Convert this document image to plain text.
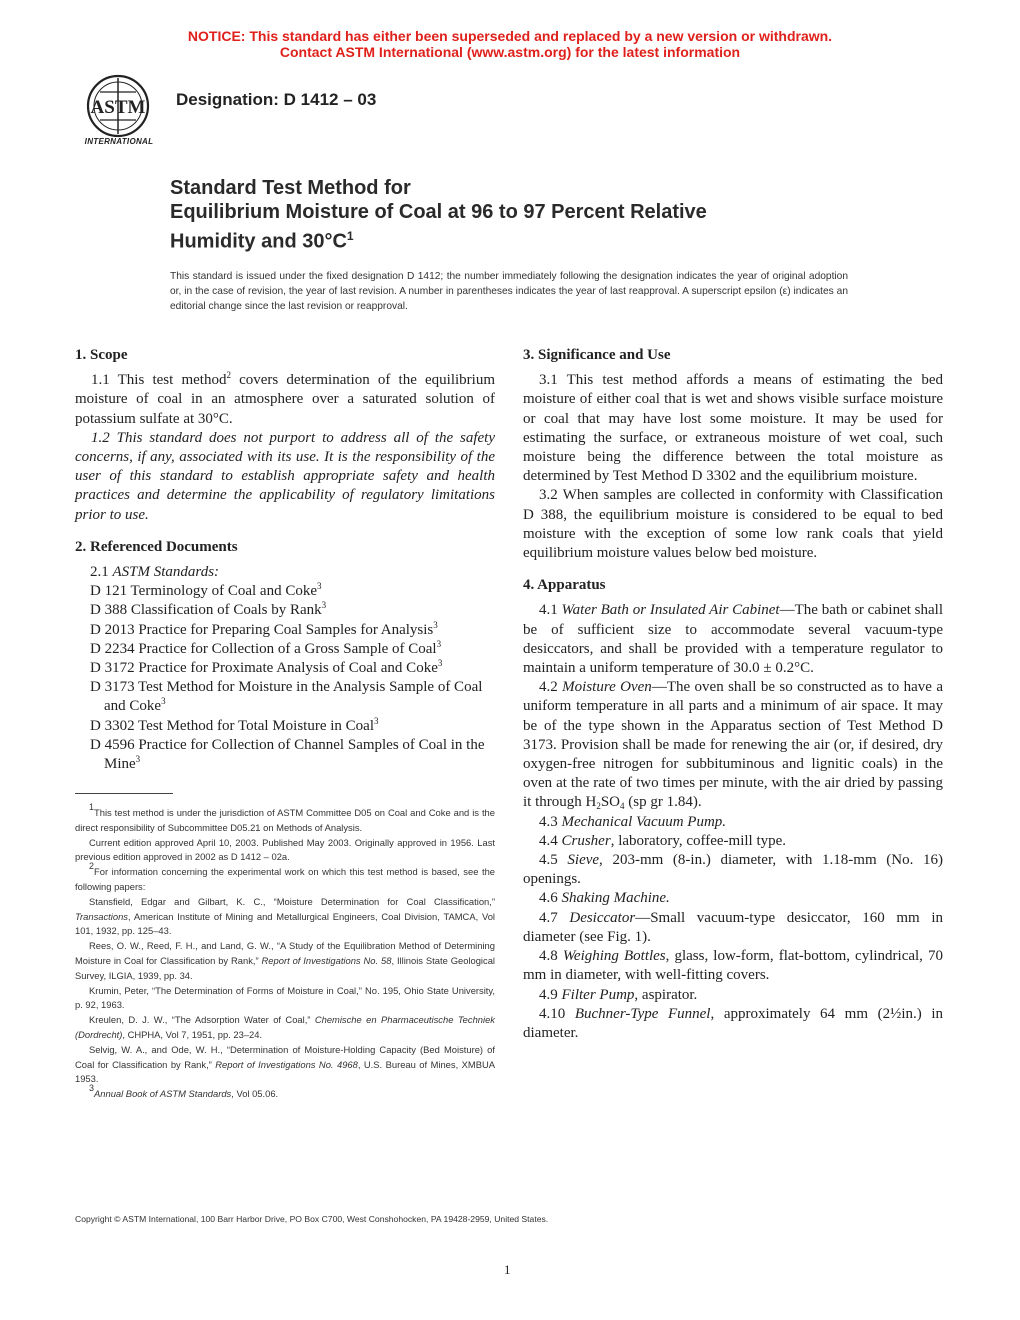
NOTICE: This standard has either been superseded and replaced by a new version or withdrawn.
Contact ASTM International (www.astm.org) for the latest information
ASTM
INTERNATIONAL
Designation: D 1412 – 03
Standard Test Method for
Equilibrium Moisture of Coal at 96 to 97 Percent Relative
Humidity and $30^\circ C^1$
This standard is issued under the fixed designation D 1412; the number immediately following the designation indicates the year of original adoption or, in the case of revision, the year of last revision. A number in parentheses indicates the year of last reapproval. A superscript epsilon (ε) indicates an editorial change since the last revision or reapproval.
1. Scope
1.1 This test method$^2$ covers determination of the equilibrium moisture of coal in an atmosphere over a saturated solution of potassium sulfate at 30°C.
1.2 This standard does not purport to address all of the safety concerns, if any, associated with its use. It is the responsibility of the user of this standard to establish appropriate safety and health practices and determine the applicability of regulatory limitations prior to use.
2. Referenced Documents
2.1 ASTM Standards:
D 121 Terminology of Coal and Coke$^3$
D 388 Classification of Coals by Rank$^3$
D 2013 Practice for Preparing Coal Samples for Analysis$^3$
D 2234 Practice for Collection of a Gross Sample of Coal$^3$
D 3172 Practice for Proximate Analysis of Coal and Coke$^3$
D 3173 Test Method for Moisture in the Analysis Sample of Coal and Coke$^3$
D 3302 Test Method for Total Moisture in Coal$^3$
D 4596 Practice for Collection of Channel Samples of Coal in the Mine$^3$
$^1$This test method is under the jurisdiction of ASTM Committee D05 on Coal and Coke and is the direct responsibility of Subcommittee D05.21 on Methods of Analysis.
Current edition approved April 10, 2003. Published May 2003. Originally approved in 1956. Last previous edition approved in 2002 as D 1412 – 02a.
$^2$For information concerning the experimental work on which this test method is based, see the following papers:
Stansfield, Edgar and Gilbart, K. C., “Moisture Determination for Coal Classification,” Transactions, American Institute of Mining and Metallurgical Engineers, Coal Division, TAMCA, Vol 101, 1932, pp. 125–43.
Rees, O. W., Reed, F. H., and Land, G. W., “A Study of the Equilibration Method of Determining Moisture in Coal for Classification by Rank,” Report of Investigations No. 58, Illinois State Geological Survey, ILGIA, 1939, pp. 34.
Krumin, Peter, “The Determination of Forms of Moisture in Coal,” No. 195, Ohio State University, p. 92, 1963.
Kreulen, D. J. W., “The Adsorption Water of Coal,” Chemische en Pharmaceutische Techniek (Dordrecht), CHPHA, Vol 7, 1951, pp. 23–24.
Selvig, W. A., and Ode, W. H., “Determination of Moisture-Holding Capacity (Bed Moisture) of Coal for Classification by Rank,” Report of Investigations No. 4968, U.S. Bureau of Mines, XMBUA 1953.
$^3$Annual Book of ASTM Standards, Vol 05.06.
3. Significance and Use
3.1 This test method affords a means of estimating the bed moisture of either coal that is wet and shows visible surface moisture or coal that may have lost some moisture. It may be used for estimating the surface, or extraneous moisture of wet coal, such moisture being the difference between the total moisture as determined by Test Method D 3302 and the equilibrium moisture.
3.2 When samples are collected in conformity with Classification D 388, the equilibrium moisture is considered to be equal to bed moisture with the exception of some low rank coals that yield equilibrium moisture values below bed moisture.
4. Apparatus
4.1 Water Bath or Insulated Air Cabinet—The bath or cabinet shall be of sufficient size to accommodate several vacuum-type desiccators, and shall be provided with a temperature regulator to maintain a uniform temperature of 30.0 ± 0.2°C.
4.2 Moisture Oven—The oven shall be so constructed as to have a uniform temperature in all parts and a minimum of air space. It may be of the type shown in the Apparatus section of Test Method D 3173. Provision shall be made for renewing the air (or, if desired, dry oxygen-free nitrogen for subbituminous and lignitic coals) in the oven at the rate of two times per minute, with the air dried by passing it through $H_2SO_4$ (sp gr 1.84).
4.3 Mechanical Vacuum Pump.
4.4 Crusher, laboratory, coffee-mill type.
4.5 Sieve, 203-mm (8-in.) diameter, with 1.18-mm (No. 16) openings.
4.6 Shaking Machine.
4.7 Desiccator—Small vacuum-type desiccator, 160 mm in diameter (see Fig. 1).
4.8 Weighing Bottles, glass, low-form, flat-bottom, cylindrical, 70 mm in diameter, with well-fitting covers.
4.9 Filter Pump, aspirator.
4.10 Buchner-Type Funnel, approximately 64 mm (2½in.) in diameter.
Copyright © ASTM International, 100 Barr Harbor Drive, PO Box C700, West Conshohocken, PA 19428-2959, United States.
1
